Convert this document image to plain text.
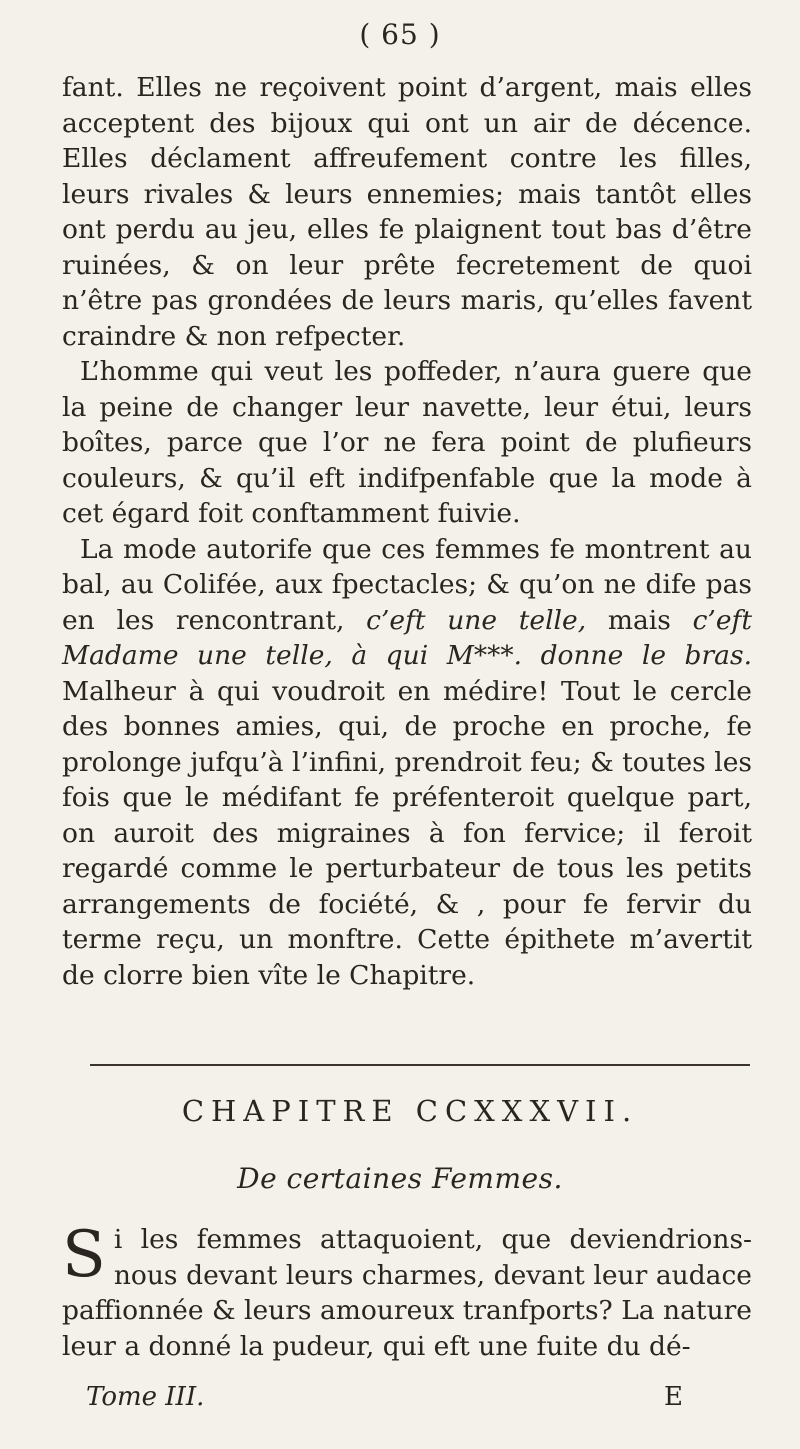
( 65 )

fant. Elles ne reçoivent point d’argent, mais elles acceptent des bijoux qui ont un air de décence. Elles déclament affreufement contre les filles, leurs rivales & leurs ennemies; mais tantôt elles ont perdu au jeu, elles fe plaignent tout bas d’être ruinées, & on leur prête fecretement de quoi n’être pas grondées de leurs maris, qu’elles favent craindre & non refpecter.

L’homme qui veut les poffeder, n’aura guere que la peine de changer leur navette, leur étui, leurs boîtes, parce que l’or ne fera point de plufieurs couleurs, & qu’il eft indifpenfable que la mode à cet égard foit conftamment fuivie.

La mode autorife que ces femmes fe montrent au bal, au Colifée, aux fpectacles; & qu’on ne dife pas en les rencontrant, c’eft une telle, mais c’eft Madame une telle, à qui M***. donne le bras. Malheur à qui voudroit en médire! Tout le cercle des bonnes amies, qui, de proche en proche, fe prolonge jufqu’à l’infini, prendroit feu; & toutes les fois que le médifant fe préfenteroit quelque part, on auroit des migraines à fon fervice; il feroit regardé comme le perturbateur de tous les petits arrangements de fociété, & , pour fe fervir du terme reçu, un monftre. Cette épithete m’avertit de clorre bien vîte le Chapitre.

CHAPITRE CCXXXVII.
De certaines Femmes.

Si les femmes attaquoient, que deviendrions-nous devant leurs charmes, devant leur audace paffionnée & leurs amoureux tranfports? La nature leur a donné la pudeur, qui eft une fuite du dé-

Tome III.	E
